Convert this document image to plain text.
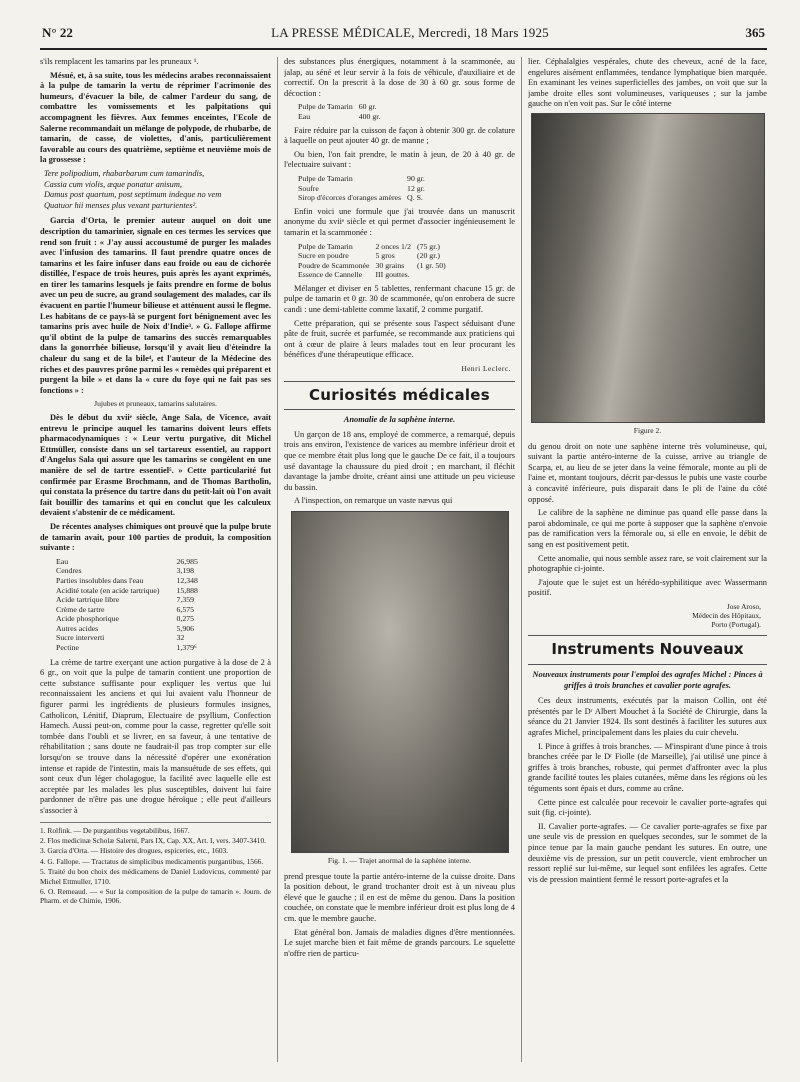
N° 22	LA PRESSE MÉDICALE, Mercredi, 18 Mars 1925	365

s'ils remplacent les tamarins par les pruneaux ¹.

Mésué, et, à sa suite, tous les médecins arabes reconnaissaient à la pulpe de tamarin la vertu de réprimer l'acrimonie des humeurs, d'évacuer la bile, de calmer l'ardeur du sang, de combattre les vomissements et les palpitations qui accompagnent les fièvres. Aux femmes enceintes, l'Ecole de Salerne recommandait un mélange de polypode, de rhubarbe, de tamarin, de casse, de violettes, d'anis, particulièrement favorable au cours des quatrième, septième et neuvième mois de la grossesse :

Tere polipodium, rhabarbarum cum tamarindis,
Cassia cum violis, æque ponatur anisum,
Damus post quartum, post septimum indeque no vem
Quatuor hii menses plus vexant parturientes².

Garcia d'Orta, le premier auteur auquel on doit une description du tamarinier, signale en ces termes les services que rend son fruit : « J'ay aussi accoustumé de purger les malades avec l'infusion des tamarins. Il faut prendre quatre onces de tamarins et les faire infuser dans eau froide ou eau de cichorée distillée, l'espace de trois heures, puis après les ayant exprimés, en tirer les tamarins lesquels je faits prendre en forme de bolus avec un peu de sucre, au grand soulagement des malades, car ils évacuent en partie l'humeur bilieuse et atténuent aussi le flegme. Les habitans de ce pays-là se purgent fort bénignement avec les tamarins pris avec huile de Noix d'Indie³. » G. Fallope affirme qu'il obtint de la pulpe de tamarins des succès remarquables dans la gonorrhée bilieuse, lorsqu'il y avait lieu d'éteindre la chaleur du sang et de la bile⁴, et l'auteur de la Médecine des riches et des pauvres prône parmi les « remèdes qui préparent et purgent la bile » et dans la « cure du foye qui ne fait pas ses fonctions » :

Jujubes et pruneaux, tamarins salutaires.

Dès le début du xviiᵉ siècle, Ange Sala, de Vicence, avait entrevu le principe auquel les tamarins doivent leurs effets pharmacodynamiques : « Leur vertu purgative, dit Michel Ettmüller, consiste dans un sel tartareux essentiel, au rapport d'Angelus Sala qui assure que les tamarins se congèlent en une manière de sel de tartre essentiel⁵. » Cette particularité fut confirmée par Erasme Brochmann, and de Thomas Bartholin, qui constata la présence du tartre dans du petit-lait où l'on avait fait bouillir des tamarins et qui en conclut que les calculeux devaient s'abstenir de ce médicament.

De récentes analyses chimiques ont prouvé que la pulpe brute de tamarin avait, pour 100 parties de produit, la composition suivante :

Eau	26,985
Cendres	3,198
Parties insolubles dans l'eau	12,348
Acidité totale (en acide tartrique)	15,888
Acide tartrique libre	7,359
Crème de tartre	6,575
Acide phosphorique	0,275
Autres acides	5,906
Sucre interverti	32
Pectine	1,379⁶

La crème de tartre exerçant une action purgative à la dose de 2 à 6 gr., on voit que la pulpe de tamarin contient une proportion de cette substance suffisante pour expliquer les vertus que lui reconnaissaient les anciens et qui lui avaient valu l'honneur de figurer parmi les ingrédients de plusieurs formules insignes, Catholicon, Lénitif, Diaprum, Electuaire de psyllium, Confection Hamech. Aussi peut-on, comme pour la casse, regretter qu'elle soit tombée dans l'oubli et se livrer, en sa faveur, à une tentative de réhabilitation ; sans doute ne faudrait-il pas trop compter sur elle lorsqu'on se trouve dans la nécessité d'opérer une exonération intense et rapide de l'intestin, mais la mansuétude de ses effets, qui sont ceux d'un léger cholagogue, la facilité avec laquelle elle est acceptée par les malades les plus susceptibles, doivent lui faire pardonner de n'être pas une drogue héroïque ; elle peut d'ailleurs s'associer à

1. Rolfink. — De purgantibus vegetabilibus, 1667.
2. Flos medicinæ Scholæ Salerni, Pars IX, Cap. XX, Art. I, vers. 3407-3410.
3. Garcia d'Orta. — Histoire des drogues, espiceries, etc., 1603.
4. G. Fallope. — Tractatus de simplicibus medicamentis purgantibus, 1566.
5. Traité du bon choix des médicamens de Daniel Ludovicus, commenté par Michel Ettmuller, 1710.
6. O. Remeaud. — « Sur la composition de la pulpe de tamarin ». Journ. de Pharm. et de Chimie, 1906.

des substances plus énergiques, notamment à la scammonée, au jalap, au séné et leur servir à la fois de véhicule, d'auxiliaire et de correctif. On la prescrit à la dose de 30 à 60 gr. sous forme de décoction :

Pulpe de Tamarin	60 gr.
Eau	400 gr.

Faire réduire par la cuisson de façon à obtenir 300 gr. de colature à laquelle on peut ajouter 40 gr. de manne ;

Ou bien, l'on fait prendre, le matin à jeun, de 20 à 40 gr. de l'electuaire suivant :

Pulpe de Tamarin	90 gr.
Soufre	12 gr.
Sirop d'écorces d'oranges amères	Q. S.

Enfin voici une formule que j'ai trouvée dans un manuscrit anonyme du xviiᵉ siècle et qui permet d'associer ingénieusement le tamarin et la scammonée :

Pulpe de Tamarin	2 onces 1/2	(75 gr.)
Sucre en poudre	5 gros	(20 gr.)
Poudre de Scammonée	30 grains	(1 gr. 50)
Essence de Cannelle	III gouttes.	

Mélanger et diviser en 5 tablettes, renfermant chacune 15 gr. de pulpe de tamarin et 0 gr. 30 de scammonée, qu'on enrobera de sucre candi : une demi-tablette comme laxatif, 2 comme purgatif.

Cette préparation, qui se présente sous l'aspect séduisant d'une pâte de fruit, sucrée et parfumée, se recommande aux praticiens qui ont à cœur de plaire à leurs malades tout en leur procurant les bénéfices d'une thérapeutique efficace.

Henri Leclerc.
Curiosités médicales
Anomalie de la saphène interne.

Un garçon de 18 ans, employé de commerce, a remarqué, depuis trois ans environ, l'existence de varices au membre inférieur droit et que ce membre était plus long que le gauche De ce fait, il a toujours usé davantage la chaussure du pied droit ; en marchant, il fléchit davantage la jambe droite, créant ainsi une attitude un peu vicieuse du bassin.

A l'inspection, on remarque un vaste nævus qui

Fig. 1. — Trajet anormal de la saphène interne.

prend presque toute la partie antéro-interne de la cuisse droite. Dans la position debout, le grand trochanter droit est à un niveau plus élevé que le gauche ; il en est de même du genou. Dans la position couchée, on constate que le membre inférieur droit est plus long de 4 cm. que le membre gauche.

Etat général bon. Jamais de maladies dignes d'être mentionnées. Le sujet marche bien et fait même de grands parcours. Le squelette n'offre rien de particu-

lier. Céphalalgies vespérales, chute des cheveux, acné de la face, engelures aisément enflammées, tendance lymphatique bien marquée. En examinant les veines superficielles des jambes, on voit que sur la jambe droite elles sont volumineuses, variqueuses ; sur la jambe gauche on n'en voit pas. Sur le côté interne

Figure 2.

du genou droit on note une saphène interne très volumineuse, qui, suivant la partie antéro-interne de la cuisse, arrive au triangle de Scarpa, et, au lieu de se jeter dans la veine fémorale, monte au pli de l'aine et, montant toujours, décrit par-dessus le pubis une vaste courbe à concavité inférieure, puis disparait dans le pli de l'aine du côté opposé.

Le calibre de la saphène ne diminue pas quand elle passe dans la paroi abdominale, ce qui me porte à supposer que la saphène n'envoie pas de ramification vers la fémorale ou, si elle en envoie, le débit de sang en est positivement petit.

Cette anomalie, qui nous semble assez rare, se voit clairement sur la photographie ci-jointe.

J'ajoute que le sujet est un hérédo-syphilitique avec Wassermann positif.

Jose Aroso,
Médecin des Hôpitaux,
Porto (Portugal).
Instruments Nouveaux
Nouveaux instruments pour l'emploi des agrafes Michel : Pinces à griffes à trois branches et cavalier porte agrafes.

Ces deux instruments, exécutés par la maison Collin, ont été présentés par le Dʳ Albert Mouchet à la Société de Chirurgie, dans la séance du 21 Janvier 1924. Ils sont destinés à faciliter les sutures aux agrafes Michel, principalement dans les plaies du cuir chevelu.

I. Pince à griffes à trois branches. — M'inspirant d'une pince à trois branches créée par le Dʳ Fiolle (de Marseille), j'ai utilisé une pince à griffes à trois branches, robuste, qui permet d'affronter avec la plus grande facilité toutes les plaies cutanées, même dans les régions où les téguments sont épais et durs, comme au crâne.

Cette pince est calculée pour recevoir le cavalier porte-agrafes qui suit (fig. ci-jointe).

II. Cavalier porte-agrafes. — Ce cavalier porte-agrafes se fixe par une seule vis de pression en quelques secondes, sur le sommet de la pince tenue par la main gauche pendant les sutures. En outre, une deuxième vis de pression, sur un petit couvercle, vient embrocher un ressort replié sur lui-même, sur lequel sont enfilées les agrafes. Cette vis de pression maintient fermé le ressort porte-agrafes et la
